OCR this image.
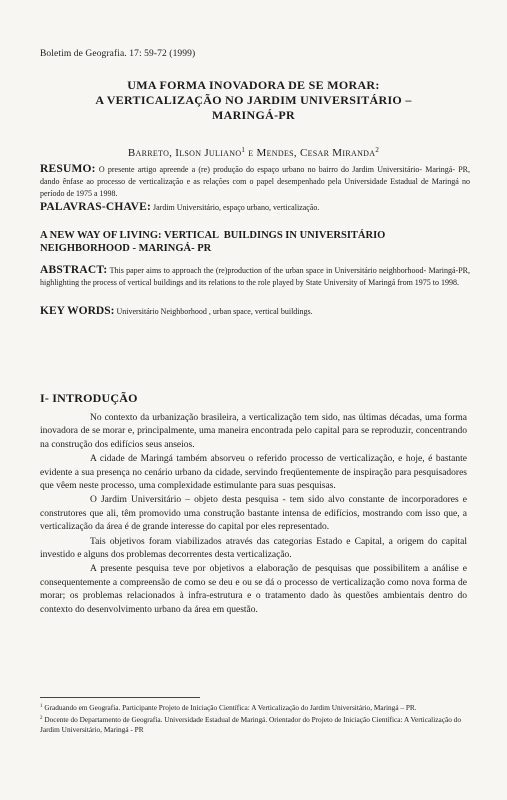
Boletim de Geografia. 17: 59-72 (1999)
UMA FORMA INOVADORA DE SE MORAR:
A VERTICALIZAÇÃO NO JARDIM UNIVERSITÁRIO –
MARINGÁ-PR
Barreto, Ilson Juliano$^1$ e Mendes, Cesar Miranda$^2$
RESUMO: O presente artigo apreende a (re) produção do espaço urbano no bairro do Jardim Universitário- Maringá- PR, dando ênfase ao processo de verticalização e as relações com o papel desempenhado pela Universidade Estadual de Maringá no período de 1975 a 1998.
PALAVRAS-CHAVE: Jardim Universitário, espaço urbano, verticalização.
A NEW WAY OF LIVING: VERTICAL  BUILDINGS IN UNIVERSITÁRIO
NEIGHBORHOOD - MARINGÁ- PR
ABSTRACT: This paper aims to approach the (re)production of the urban space in Universitário neighborhood- Maringá-PR, highlighting the process of vertical buildings and its relations to the role played by State University of Maringá from 1975 to 1998.
KEY WORDS: Universitário Neighborhood , urban space, vertical buildings.
I- INTRODUÇÃO

No contexto da urbanização brasileira, a verticalização tem sido, nas últimas décadas, uma forma inovadora de se morar e, principalmente, uma maneira encontrada pelo capital para se reproduzir, concentrando na construção dos edifícios seus anseios.

A cidade de Maringá também absorveu o referido processo de verticalização, e hoje, é bastante evidente a sua presença no cenário urbano da cidade, servindo freqüentemente de inspiração para pesquisadores que vêem neste processo, uma complexidade estimulante para suas pesquisas.

O Jardim Universitário – objeto desta pesquisa - tem sido alvo constante de incorporadores e construtores que ali, têm promovido uma construção bastante intensa de edifícios, mostrando com isso que, a verticalização da área é de grande interesse do capital por eles representado.

Tais objetivos foram viabilizados através das categorias Estado e Capital, a origem do capital investido e alguns dos problemas decorrentes desta verticalização.

A presente pesquisa teve por objetivos a elaboração de pesquisas que possibilitem a análise e consequentemente a compreensão de como se deu e ou se dá o processo de verticalização como nova forma de morar; os problemas relacionados à infra-estrutura e o tratamento dado às questões ambientais dentro do contexto do desenvolvimento urbano da área em questão.

$^1$ Graduando em Geografia. Participante Projeto de Iniciação Científica: A Verticalização do Jardim Universitário, Maringá – PR.
$^2$ Docente do Departamento de Geografia. Universidade Estadual de Maringá. Orientador do Projeto de Iniciação Científica: A Verticalização do Jardim Universitário, Maringá - PR
